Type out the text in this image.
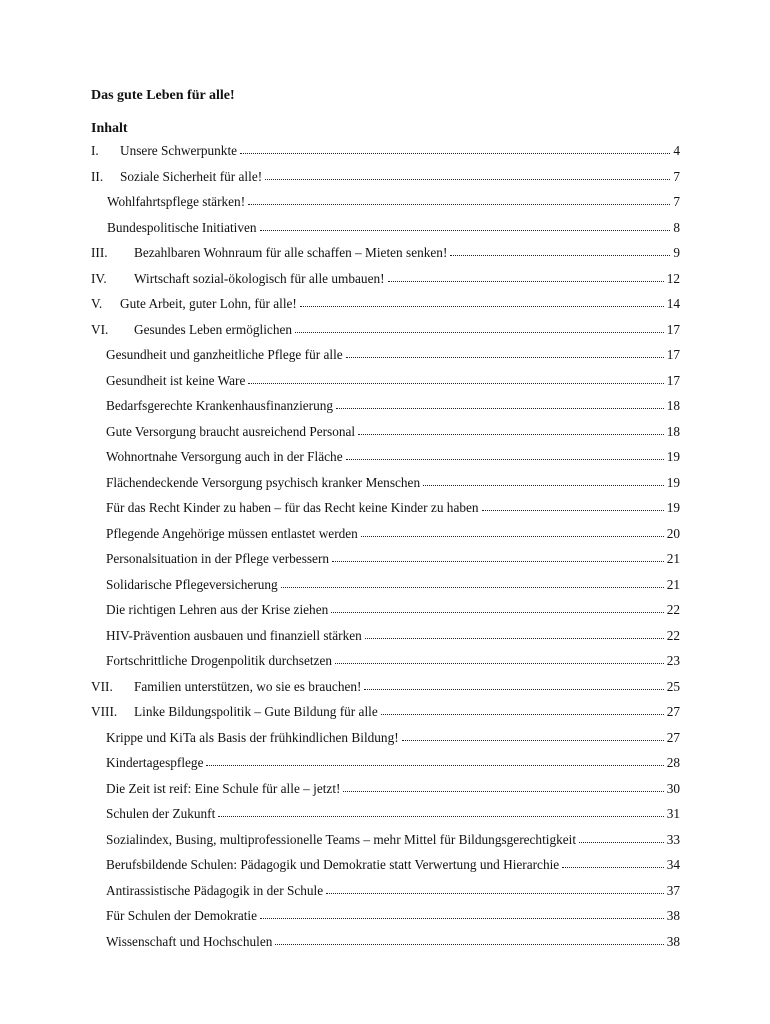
Das gute Leben für alle!
Inhalt
I.	Unsere Schwerpunkte	4
II.	Soziale Sicherheit für alle!	7
Wohlfahrtspflege stärken!	7
Bundespolitische Initiativen	8
III.	Bezahlbaren Wohnraum für alle schaffen – Mieten senken!	9
IV.	Wirtschaft sozial-ökologisch für alle umbauen!	12
V.	Gute Arbeit, guter Lohn, für alle!	14
VI.	Gesundes Leben ermöglichen	17
Gesundheit und ganzheitliche Pflege für alle	17
Gesundheit ist keine Ware	17
Bedarfsgerechte Krankenhausfinanzierung	18
Gute Versorgung braucht ausreichend Personal	18
Wohnortnahe Versorgung auch in der Fläche	19
Flächendeckende Versorgung psychisch kranker Menschen	19
Für das Recht Kinder zu haben – für das Recht keine Kinder zu haben	19
Pflegende Angehörige müssen entlastet werden	20
Personalsituation in der Pflege verbessern	21
Solidarische Pflegeversicherung	21
Die richtigen Lehren aus der Krise ziehen	22
HIV-Prävention ausbauen und finanziell stärken	22
Fortschrittliche Drogenpolitik durchsetzen	23
VII.	Familien unterstützen, wo sie es brauchen!	25
VIII.	Linke Bildungspolitik – Gute Bildung für alle	27
Krippe und KiTa als Basis der frühkindlichen Bildung!	27
Kindertagespflege	28
Die Zeit ist reif: Eine Schule für alle – jetzt!	30
Schulen der Zukunft	31
Sozialindex, Busing, multiprofessionelle Teams – mehr Mittel für Bildungsgerechtigkeit	33
Berufsbildende Schulen: Pädagogik und Demokratie statt Verwertung und Hierarchie	34
Antirassistische Pädagogik in der Schule	37
Für Schulen der Demokratie	38
Wissenschaft und Hochschulen	38
